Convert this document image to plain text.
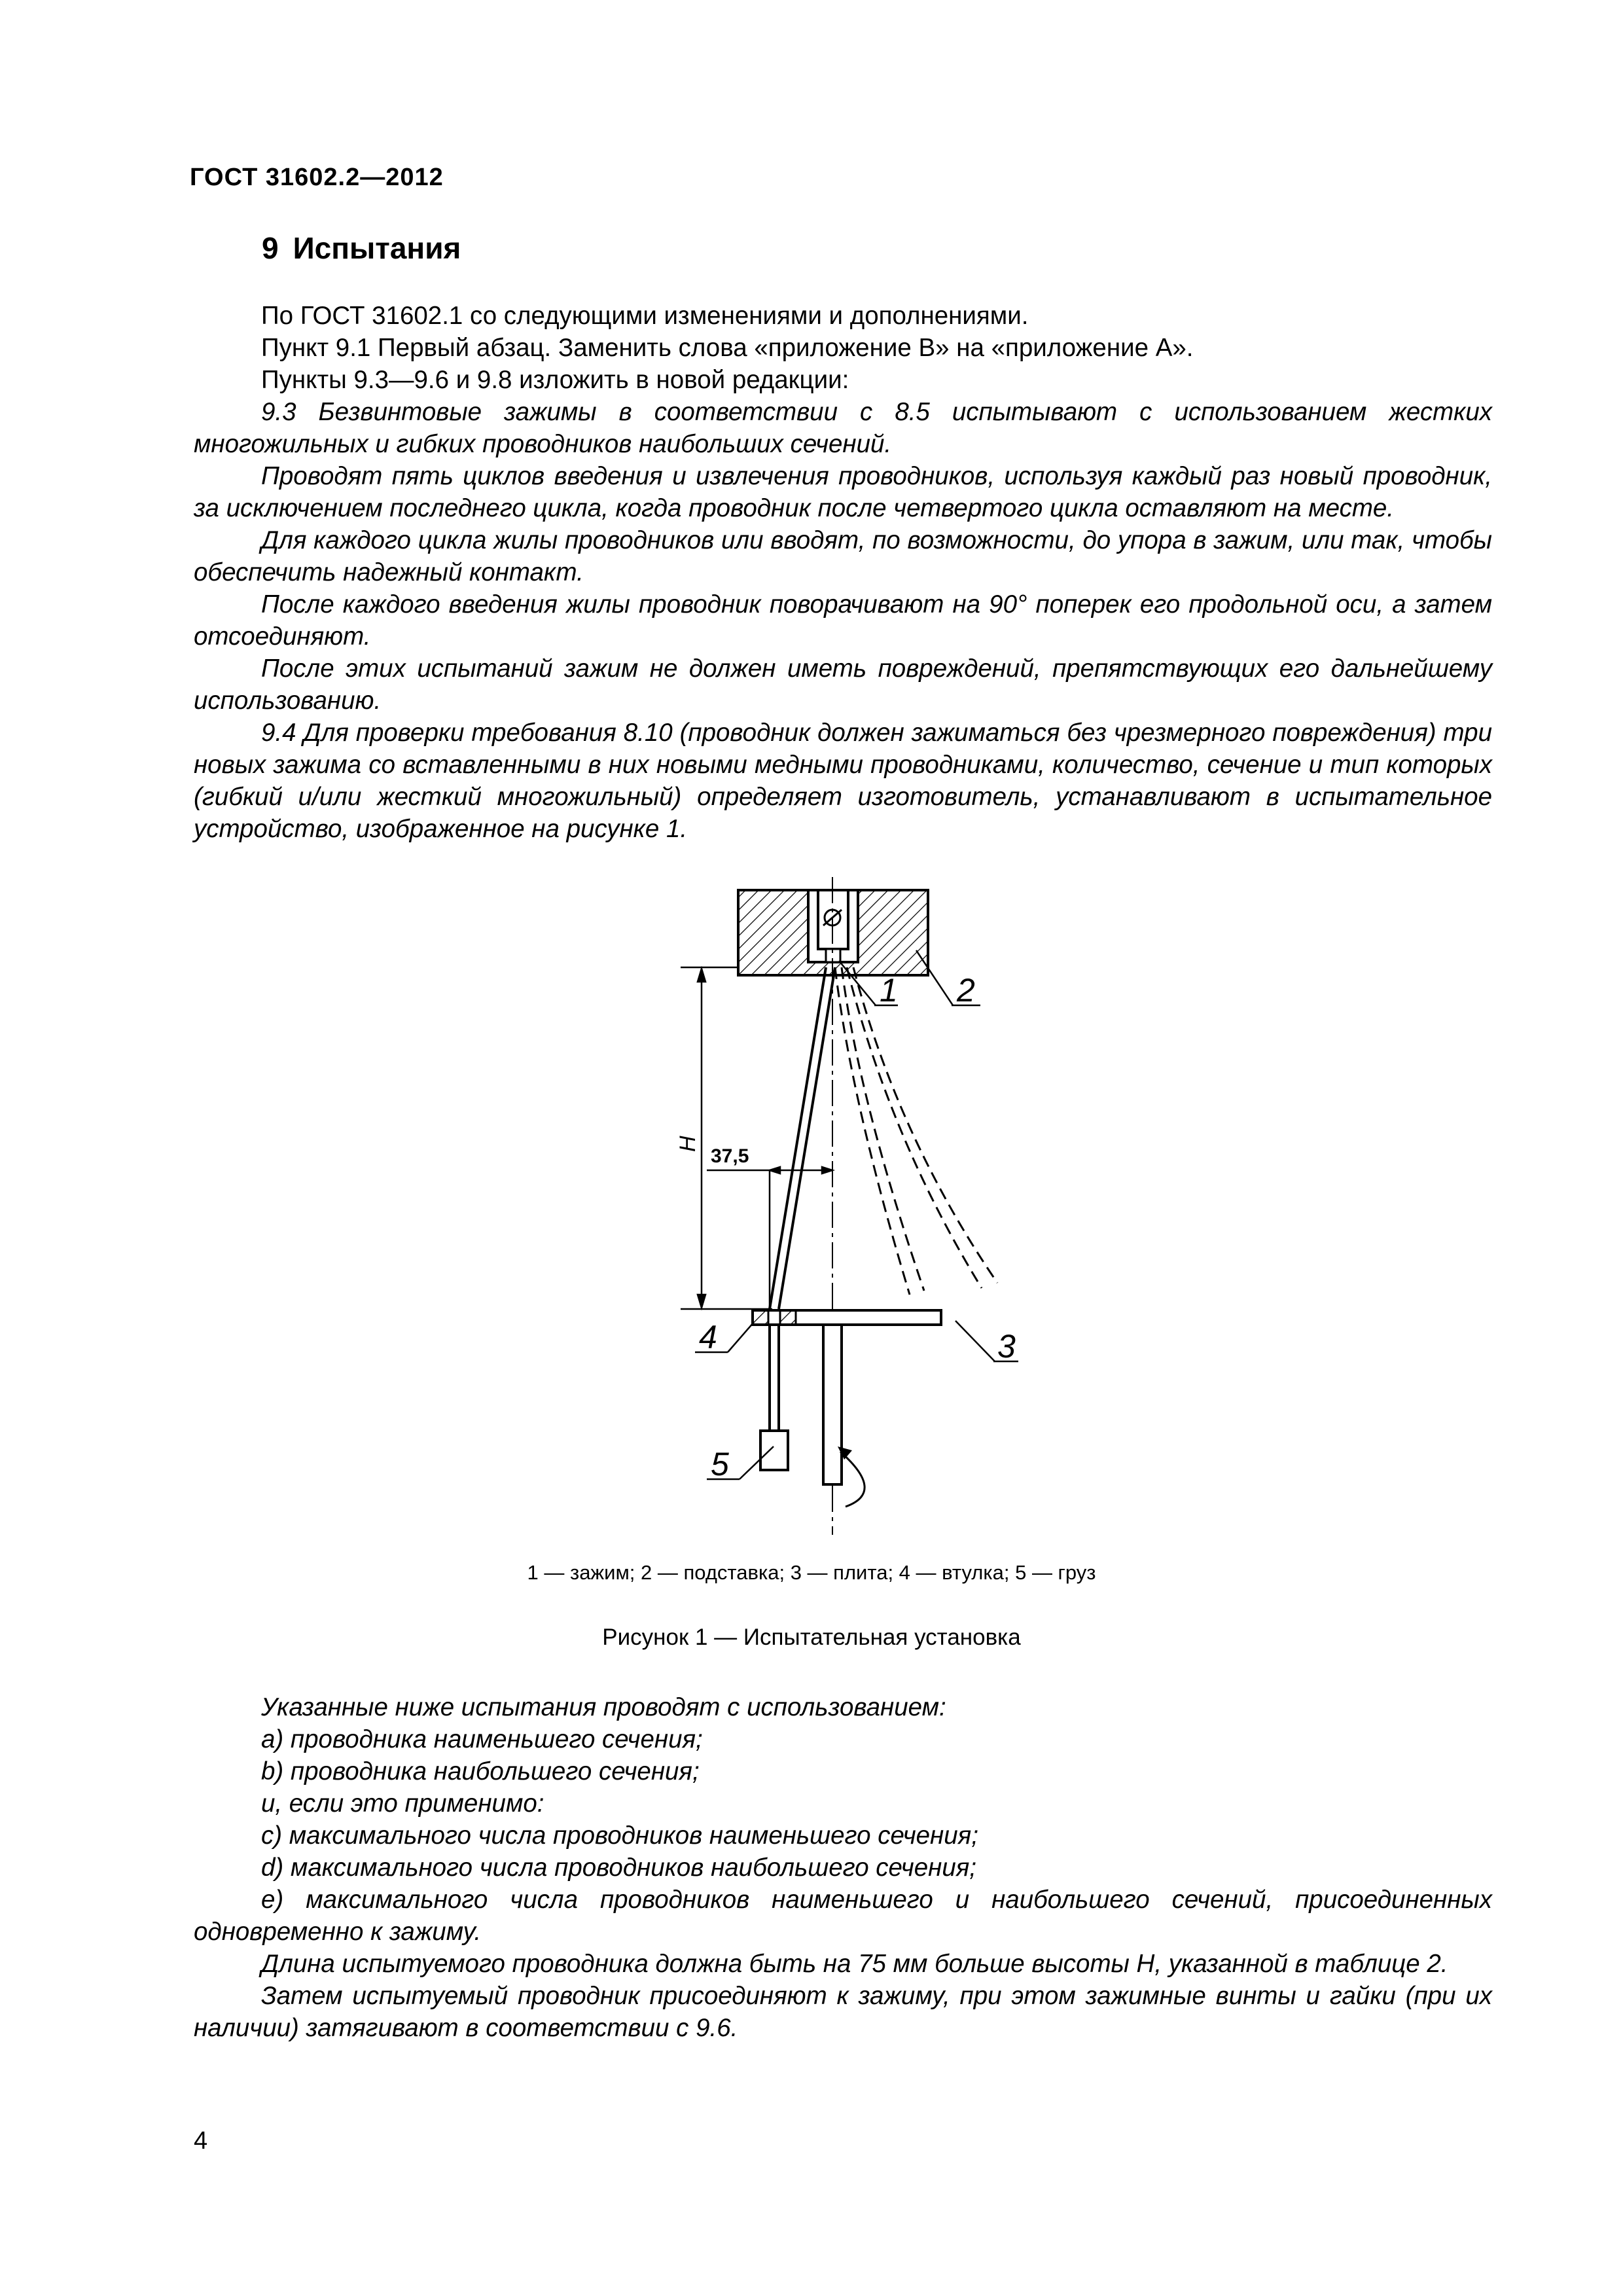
ГОСТ 31602.2—2012
9 Испытания

По ГОСТ 31602.1 со следующими изменениями и дополнениями.

Пункт 9.1 Первый абзац. Заменить слова «приложение В» на «приложение А».

Пункты 9.3—9.6 и 9.8 изложить в новой редакции:

9.3 Безвинтовые зажимы в соответствии с 8.5 испытывают с использованием жестких многожильных и гибких проводников наибольших сечений.

Проводят пять циклов введения и извлечения проводников, используя каждый раз новый проводник, за исключением последнего цикла, когда проводник после четвертого цикла оставляют на месте.

Для каждого цикла жилы проводников или вводят, по возможности, до упора в зажим, или так, чтобы обеспечить надежный контакт.

После каждого введения жилы проводник поворачивают на 90° поперек его продольной оси, а затем отсоединяют.

После этих испытаний зажим не должен иметь повреждений, препятствующих его дальнейшему использованию.

9.4 Для проверки требования 8.10 (проводник должен зажиматься без чрезмерного повреждения) три новых зажима со вставленными в них новыми медными проводниками, количество, сечение и тип которых (гибкий и/или жесткий многожильный) определяет изготовитель, устанавливают в испытательное устройство, изображенное на рисунке 1.

H
37,5
1 2
3
4
5
1 — зажим; 2 — подставка; 3 — плита; 4 — втулка; 5 — груз
Рисунок 1 — Испытательная установка

Указанные ниже испытания проводят с использованием:

a) проводника наименьшего сечения;

b) проводника наибольшего сечения;

и, если это применимо:

c) максимального числа проводников наименьшего сечения;

d) максимального числа проводников наибольшего сечения;

e) максимального числа проводников наименьшего и наибольшего сечений, присоединенных одновременно к зажиму.

Длина испытуемого проводника должна быть на 75 мм больше высоты H, указанной в таблице 2.

Затем испытуемый проводник присоединяют к зажиму, при этом зажимные винты и гайки (при их наличии) затягивают в соответствии с 9.6.

4
